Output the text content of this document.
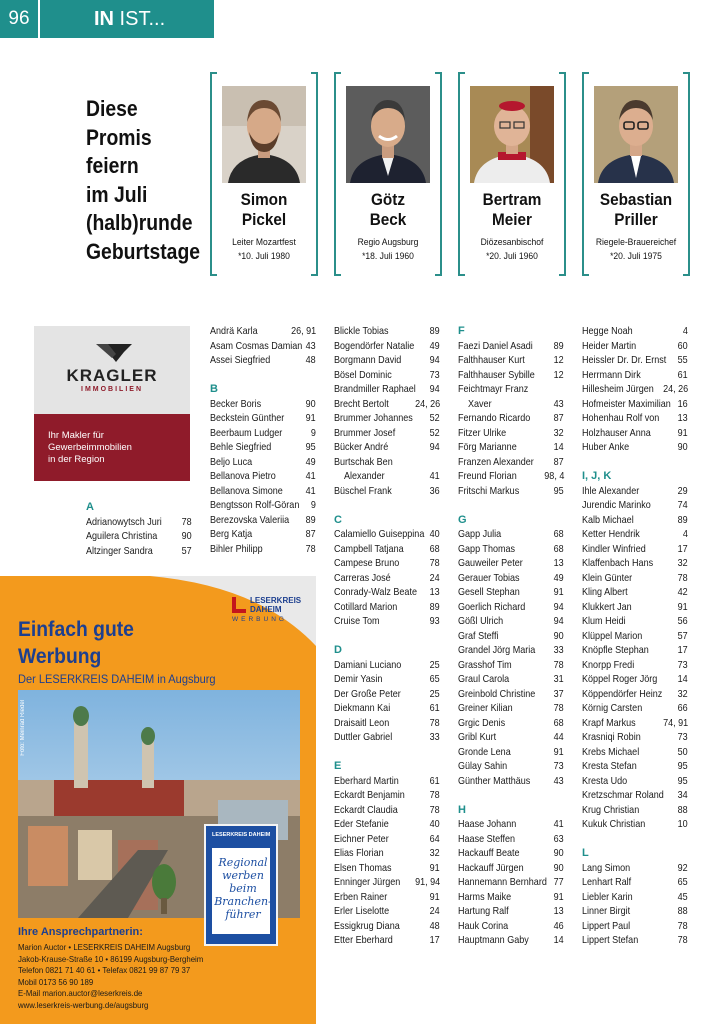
96	IN IST...
Diese
Promis
feiern
im Juli
(halb)runde
Geburtstage
Simon
Pickel
Leiter Mozartfest
*10. Juli 1980
Götz
Beck
Regio Augsburg
*18. Juli 1960
Bertram
Meier
Diözesanbischof
*20. Juli 1960
Sebastian
Priller
Riegele-Brauereichef
*20. Juli 1975
KRAGLER
IMMOBILIEN
Ihr Makler für
Gewerbeimmobilien
in der Region
A
Adrianowytsch Juri 78
Aguilera Christina 90
Altzinger Sandra	57
Andrä Karla	26, 91
Asam Cosmas Damian 43
Assei Siegfried	48
B
Becker Boris	90
Beckstein Günther 91
Beerbaum Ludger	9
Behle Siegfried	95
Beljo Luca	49
Bellanova Pietro	41
Bellanova Simone 41
Bengtsson Rolf-Göran 9
Berezovska Valeriia 89
Berg Katja	87
Bihler Philipp	78
Blickle Tobias	89
Bogendörfer Natalie 49
Borgmann David	94
Bösel Dominic	73
Brandmiller Raphael 94
Brecht Bertolt 24, 26
Brummer Johannes 52
Brummer Josef	52
Bücker André	94
Burtschak Ben
Alexander	41
Büschel Frank	36
C
Calamiello Guiseppina 40
Campbell Tatjana	68
Campese Bruno	78
Carreras José	24
Conrady-Walz Beate 13
Cotillard Marion	89
Cruise Tom	93
D
Damiani Luciano	25
Demir Yasin	65
Der Große Peter	25
Diekmann Kai	61
Draisaitl Leon	78
Duttler Gabriel	33
E
Eberhard Martin	61
Eckardt Benjamin 78
Eckardt Claudia	78
Eder Stefanie	40
Eichner Peter	64
Elias Florian	32
Elsen Thomas	91
Enninger Jürgen 91, 94
Erben Rainer	91
Erler Liselotte	24
Essigkrug Diana	48
Etter Eberhard	17
F
Faezi Daniel Asadi 89
Falthhauser Kurt	12
Falthhauser Sybille 12
Feichtmayr Franz
Xaver	43
Fernando Ricardo 87
Fitzer Ulrike	32
Förg Marianne	14
Franzen Alexander 87
Freund Florian	98, 4
Fritschi Markus	95
G
Gapp Julia	68
Gapp Thomas	68
Gauweiler Peter	13
Gerauer Tobias	49
Gesell Stephan	91
Goerlich Richard	94
Gößl Ulrich	94
Graf Steffi	90
Grandel Jörg Maria 33
Grasshof Tim	78
Graul Carola	31
Greinbold Christine 37
Greiner Kilian	78
Grgic Denis	68
Gribl Kurt	44
Gronde Lena	91
Gülay Sahin	73
Günther Matthäus 43
H
Haase Johann	41
Haase Steffen	63
Hackauff Beate	90
Hackauff Jürgen	90
Hannemann Bernhard 77
Harms Maike	91
Hartung Ralf	13
Hauk Corina	46
Hauptmann Gaby 14
Hegge Noah	4
Heider Martin	60
Heissler Dr. Dr. Ernst 55
Herrmann Dirk	61
Hillesheim Jürgen 24, 26
Hofmeister Maximilian 16
Hohenhau Rolf von 13
Holzhauser Anna	91
Huber Anke	90
I, J, K
Ihle Alexander	29
Jurendic Marinko	74
Kalb Michael	89
Ketter Hendrik	4
Kindler Winfried	17
Klaffenbach Hans 32
Klein Günter	78
Kling Albert	42
Klukkert Jan	91
Klum Heidi	56
Klüppel Marion	57
Knöpfle Stephan	17
Knorpp Fredi	73
Köppel Roger Jörg 14
Köppendörfer Heinz 32
Körnig Carsten	66
Krapf Markus	74, 91
Krasniqi Robin	73
Krebs Michael	50
Kresta Stefan	95
Kresta Udo	95
Kretzschmar Roland 34
Krug Christian	88
Kukuk Christian	10
L
Lang Simon	92
Lenhart Ralf	65
Liebler Karin	45
Linner Birgit	88
Lippert Paul	78
Lippert Stefan	78
LESERKREIS
DAHEIM
WERBUNG
Einfach gute
Werbung
Der LESERKREIS DAHEIM in Augsburg
Foto: Meinrad Riedel
LESERKREIS DAHEIM
Regional
werben beim
Branchen-
führer
Ihre Ansprechpartnerin:
Marion Auctor • LESERKREIS DAHEIM Augsburg
Jakob-Krause-Straße 10 • 86199 Augsburg-Bergheim
Telefon 0821 71 40 61 • Telefax 0821 99 87 79 37
Mobil 0173 56 90 189
E-Mail marion.auctor@leserkreis.de
www.leserkreis-werbung.de/augsburg
